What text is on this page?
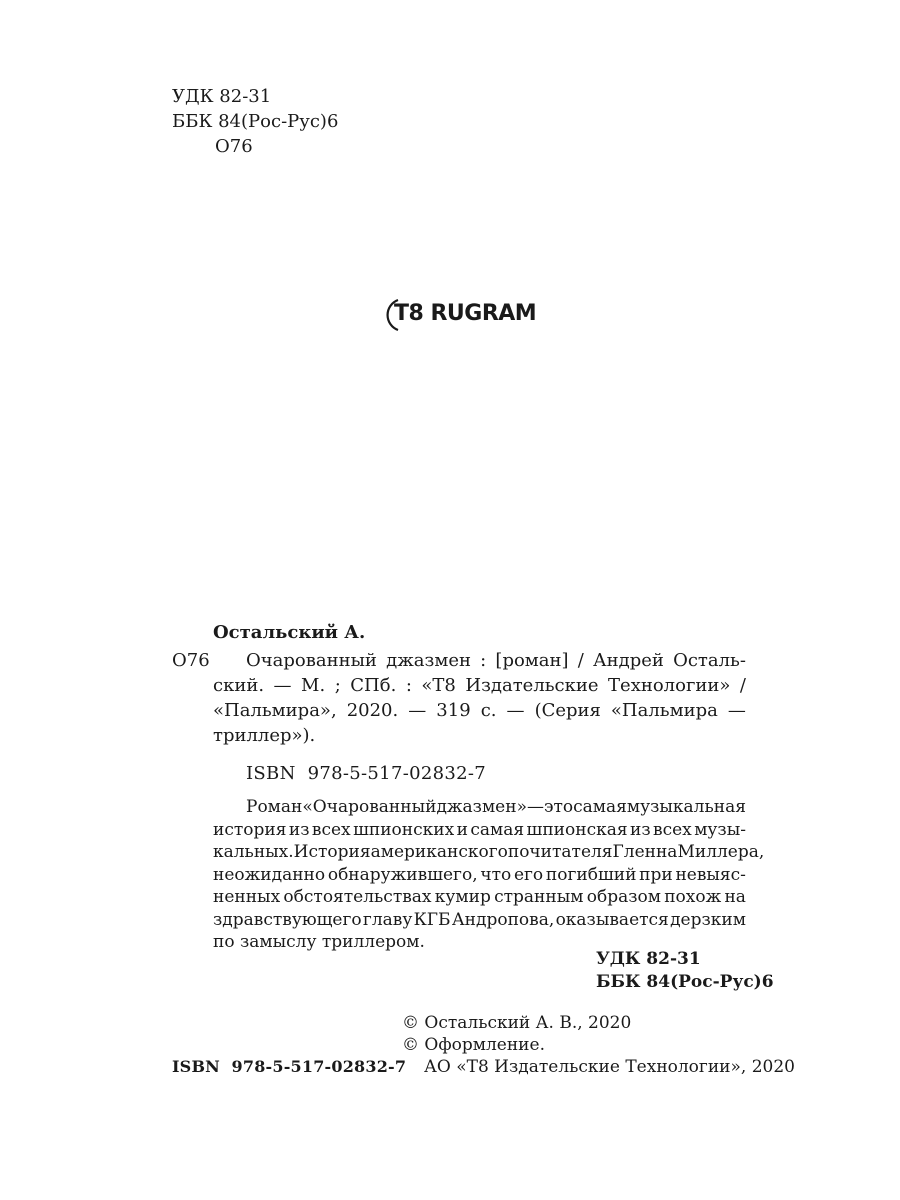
УДК 82-31
ББК 84(Рос-Рус)6
О76
T8 RUGRAM
Остальский А.
О76 Очарованный джазмен : [роман] / Андрей Осталь-
ский. — М. ; СПб. : «Т8 Издательские Технологии» /
«Пальмира», 2020. — 319 с. — (Серия «Пальмира —
триллер»).
ISBN  978-5-517-02832-7
Роман «Очарованный джазмен» — это самая музыкальная
история из всех шпионских и самая шпионская из всех музы-
кальных. История американского почитателя Гленна Миллера,
неожиданно обнаружившего, что его погибший при невыяс-
ненных обстоятельствах кумир странным образом похож на
здравствующего главу КГБ Андропова, оказывается дерзким
по замыслу триллером.
УДК 82-31
ББК 84(Рос-Рус)6
© Остальский А. В., 2020
© Оформление.
АО «Т8 Издательские Технологии», 2020
ISBN  978-5-517-02832-7
